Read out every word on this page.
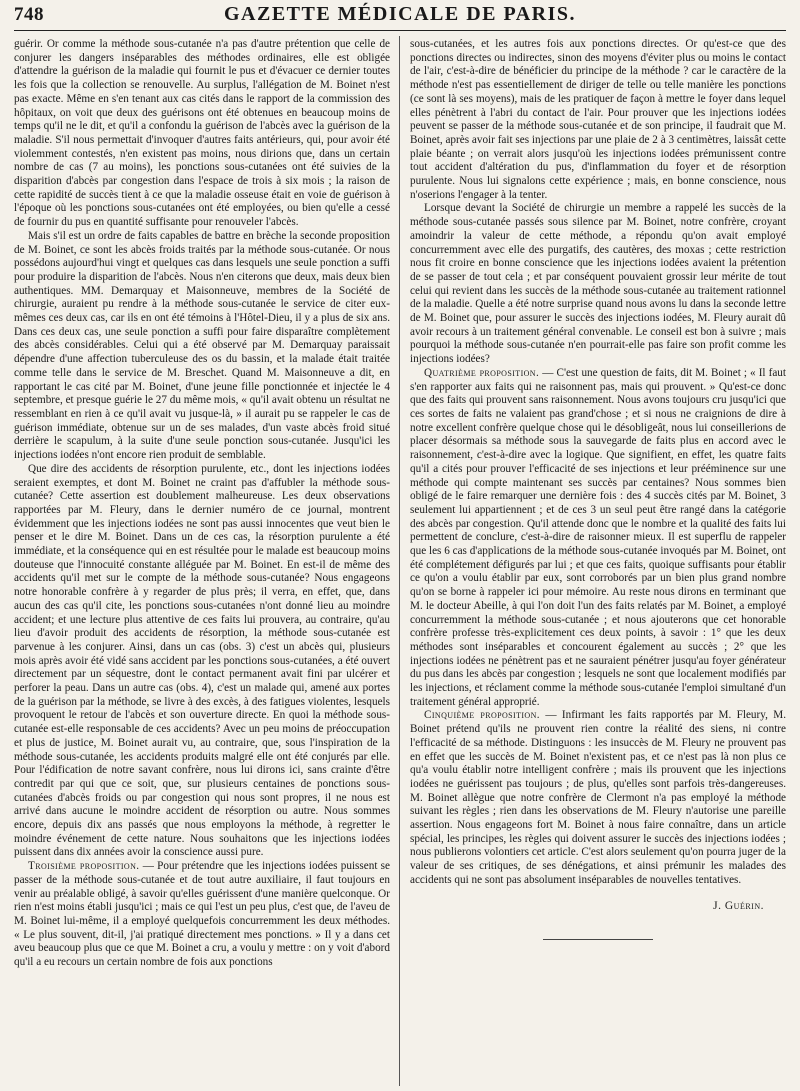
748	GAZETTE MÉDICALE DE PARIS.

guérir. Or comme la méthode sous-cutanée n'a pas d'autre prétention que celle de conjurer les dangers inséparables des méthodes ordinaires, elle est obligée d'attendre la guérison de la maladie qui fournit le pus et d'évacuer ce dernier toutes les fois que la collection se renouvelle. Au surplus, l'allégation de M. Boinet n'est pas exacte. Même en s'en tenant aux cas cités dans le rapport de la commission des hôpitaux, on voit que deux des guérisons ont été obtenues en beaucoup moins de temps qu'il ne le dit, et qu'il a confondu la guérison de l'abcès avec la guérison de la maladie. S'il nous permettait d'invoquer d'autres faits antérieurs, qui, pour avoir été violemment contestés, n'en existent pas moins, nous dirions que, dans un certain nombre de cas (7 au moins), les ponctions sous-cutanées ont été suivies de la disparition d'abcès par congestion dans l'espace de trois à six mois ; la raison de cette rapidité de succès tient à ce que la maladie osseuse était en voie de guérison à l'époque où les ponctions sous-cutanées ont été employées, ou bien qu'elle a cessé de fournir du pus en quantité suffisante pour renouveler l'abcès.

Mais s'il est un ordre de faits capables de battre en brèche la seconde proposition de M. Boinet, ce sont les abcès froids traités par la méthode sous-cutanée. Or nous possédons aujourd'hui vingt et quelques cas dans lesquels une seule ponction a suffi pour produire la disparition de l'abcès. Nous n'en citerons que deux, mais deux bien authentiques. MM. Demarquay et Maisonneuve, membres de la Société de chirurgie, auraient pu rendre à la méthode sous-cutanée le service de citer eux-mêmes ces deux cas, car ils en ont été témoins à l'Hôtel-Dieu, il y a plus de six ans. Dans ces deux cas, une seule ponction a suffi pour faire disparaître complètement des abcès considérables. Celui qui a été observé par M. Demarquay paraissait dépendre d'une affection tuberculeuse des os du bassin, et la malade était traitée comme telle dans le service de M. Breschet. Quand M. Maisonneuve a dit, en rapportant le cas cité par M. Boinet, d'une jeune fille ponctionnée et injectée le 4 septembre, et presque guérie le 27 du même mois, « qu'il avait obtenu un résultat ne ressemblant en rien à ce qu'il avait vu jusque-là, » il aurait pu se rappeler le cas de guérison immédiate, obtenue sur un de ses malades, d'un vaste abcès froid situé derrière le scapulum, à la suite d'une seule ponction sous-cutanée. Jusqu'ici les injections iodées n'ont encore rien produit de semblable.

Que dire des accidents de résorption purulente, etc., dont les injections iodées seraient exemptes, et dont M. Boinet ne craint pas d'affubler la méthode sous-cutanée? Cette assertion est doublement malheureuse. Les deux observations rapportées par M. Fleury, dans le dernier numéro de ce journal, montrent évidemment que les injections iodées ne sont pas aussi innocentes que veut bien le penser et le dire M. Boinet. Dans un de ces cas, la résorption purulente a été immédiate, et la conséquence qui en est résultée pour le malade est beaucoup moins douteuse que l'innocuité constante alléguée par M. Boinet. En est-il de même des accidents qu'il met sur le compte de la méthode sous-cutanée? Nous engageons notre honorable confrère à y regarder de plus près; il verra, en effet, que, dans aucun des cas qu'il cite, les ponctions sous-cutanées n'ont donné lieu au moindre accident; et une lecture plus attentive de ces faits lui prouvera, au contraire, qu'au lieu d'avoir produit des accidents de résorption, la méthode sous-cutanée est parvenue à les conjurer. Ainsi, dans un cas (obs. 3) c'est un abcès qui, plusieurs mois après avoir été vidé sans accident par les ponctions sous-cutanées, a été ouvert directement par un séquestre, dont le contact permanent avait fini par ulcérer et perforer la peau. Dans un autre cas (obs. 4), c'est un malade qui, amené aux portes de la guérison par la méthode, se livre à des excès, à des fatigues violentes, lesquels provoquent le retour de l'abcès et son ouverture directe. En quoi la méthode sous-cutanée est-elle responsable de ces accidents? Avec un peu moins de préoccupation et plus de justice, M. Boinet aurait vu, au contraire, que, sous l'inspiration de la méthode sous-cutanée, les accidents produits malgré elle ont été conjurés par elle. Pour l'édification de notre savant confrère, nous lui dirons ici, sans crainte d'être contredit par qui que ce soit, que, sur plusieurs centaines de ponctions sous-cutanées d'abcès froids ou par congestion qui nous sont propres, il ne nous est arrivé dans aucune le moindre accident de résorption ou autre. Nous sommes encore, depuis dix ans passés que nous employons la méthode, à regretter le moindre événement de cette nature. Nous souhaitons que les injections iodées puissent dans dix années avoir la conscience aussi pure.

Troisième proposition. — Pour prétendre que les injections iodées puissent se passer de la méthode sous-cutanée et de tout autre auxiliaire, il faut toujours en venir au préalable obligé, à savoir qu'elles guérissent d'une manière quelconque. Or rien n'est moins établi jusqu'ici ; mais ce qui l'est un peu plus, c'est que, de l'aveu de M. Boinet lui-même, il a employé quelquefois concurremment les deux méthodes. « Le plus souvent, dit-il, j'ai pratiqué directement mes ponctions. » Il y a dans cet aveu beaucoup plus que ce que M. Boinet a cru, a voulu y mettre : on y voit d'abord qu'il a eu recours un certain nombre de fois aux ponctions

sous-cutanées, et les autres fois aux ponctions directes. Or qu'est-ce que des ponctions directes ou indirectes, sinon des moyens d'éviter plus ou moins le contact de l'air, c'est-à-dire de bénéficier du principe de la méthode ? car le caractère de la méthode n'est pas essentiellement de diriger de telle ou telle manière les ponctions (ce sont là ses moyens), mais de les pratiquer de façon à mettre le foyer dans lequel elles pénètrent à l'abri du contact de l'air. Pour prouver que les injections iodées peuvent se passer de la méthode sous-cutanée et de son principe, il faudrait que M. Boinet, après avoir fait ses injections par une plaie de 2 à 3 centimètres, laissât cette plaie béante ; on verrait alors jusqu'où les injections iodées prémunissent contre tout accident d'altération du pus, d'inflammation du foyer et de résorption purulente. Nous lui signalons cette expérience ; mais, en bonne conscience, nous n'oserions l'engager à la tenter.

Lorsque devant la Société de chirurgie un membre a rappelé les succès de la méthode sous-cutanée passés sous silence par M. Boinet, notre confrère, croyant amoindrir la valeur de cette méthode, a répondu qu'on avait employé concurremment avec elle des purgatifs, des cautères, des moxas ; cette restriction nous fit croire en bonne conscience que les injections iodées avaient la prétention de se passer de tout cela ; et par conséquent pouvaient grossir leur mérite de tout celui qui revient dans les succès de la méthode sous-cutanée au traitement rationnel de la maladie. Quelle a été notre surprise quand nous avons lu dans la seconde lettre de M. Boinet que, pour assurer le succès des injections iodées, M. Fleury aurait dû avoir recours à un traitement général convenable. Le conseil est bon à suivre ; mais pourquoi la méthode sous-cutanée n'en pourrait-elle pas faire son profit comme les injections iodées?

Quatrième proposition. — C'est une question de faits, dit M. Boinet ; « Il faut s'en rapporter aux faits qui ne raisonnent pas, mais qui prouvent. » Qu'est-ce donc que des faits qui prouvent sans raisonnement. Nous avons toujours cru jusqu'ici que ces sortes de faits ne valaient pas grand'chose ; et si nous ne craignions de dire à notre excellent confrère quelque chose qui le désobligeât, nous lui conseillerions de placer désormais sa méthode sous la sauvegarde de faits plus en accord avec le raisonnement, c'est-à-dire avec la logique. Que signifient, en effet, les quatre faits qu'il a cités pour prouver l'efficacité de ses injections et leur prééminence sur une méthode qui compte maintenant ses succès par centaines? Nous sommes bien obligé de le faire remarquer une dernière fois : des 4 succès cités par M. Boinet, 3 seulement lui appartiennent ; et de ces 3 un seul peut être rangé dans la catégorie des abcès par congestion. Qu'il attende donc que le nombre et la qualité des faits lui permettent de conclure, c'est-à-dire de raisonner mieux. Il est superflu de rappeler que les 6 cas d'applications de la méthode sous-cutanée invoqués par M. Boinet, ont été complétement défigurés par lui ; et que ces faits, quoique suffisants pour établir ce qu'on a voulu établir par eux, sont corroborés par un bien plus grand nombre qu'on se borne à rappeler ici pour mémoire. Au reste nous dirons en terminant que M. le docteur Abeille, à qui l'on doit l'un des faits relatés par M. Boinet, a employé concurremment la méthode sous-cutanée ; et nous ajouterons que cet honorable confrère professe très-explicitement ces deux points, à savoir : 1° que les deux méthodes sont inséparables et concourent également au succès ; 2° que les injections iodées ne pénètrent pas et ne sauraient pénétrer jusqu'au foyer générateur du pus dans les abcès par congestion ; lesquels ne sont que localement modifiés par les injections, et réclament comme la méthode sous-cutanée l'emploi simultané d'un traitement général approprié.

Cinquième proposition. — Infirmant les faits rapportés par M. Fleury, M. Boinet prétend qu'ils ne prouvent rien contre la réalité des siens, ni contre l'efficacité de sa méthode. Distinguons : les insuccès de M. Fleury ne prouvent pas en effet que les succès de M. Boinet n'existent pas, et ce n'est pas là non plus ce qu'a voulu établir notre intelligent confrère ; mais ils prouvent que les injections iodées ne guérissent pas toujours ; de plus, qu'elles sont parfois très-dangereuses. M. Boinet allègue que notre confrère de Clermont n'a pas employé la méthode suivant les règles ; rien dans les observations de M. Fleury n'autorise une pareille assertion. Nous engageons fort M. Boinet à nous faire connaître, dans un article spécial, les principes, les règles qui doivent assurer le succès des injections iodées ; nous publierons volontiers cet article. C'est alors seulement qu'on pourra juger de la valeur de ses critiques, de ses dénégations, et ainsi prémunir les malades des accidents qui ne sont pas absolument inséparables de nouvelles tentatives.

J. Guérin.
